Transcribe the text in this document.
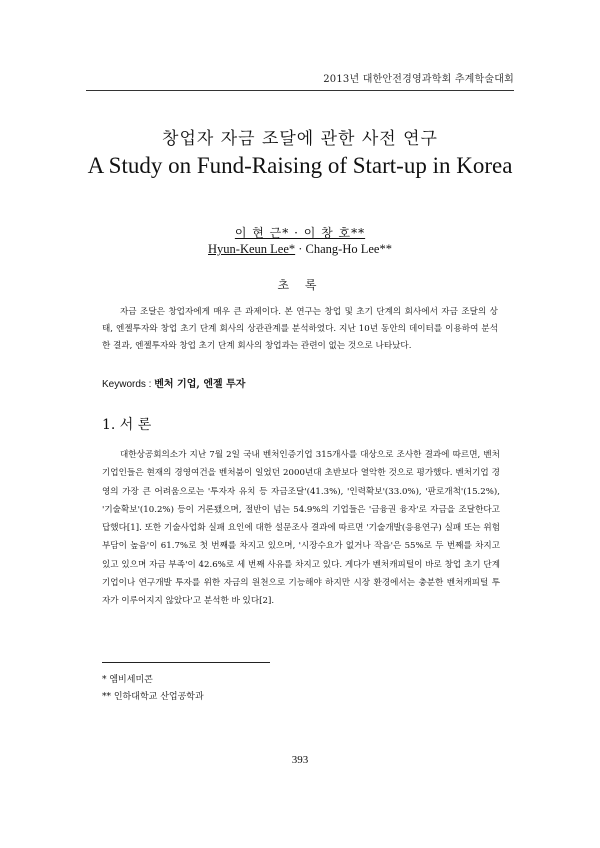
2013년 대한안전경영과학회 추계학술대회
창업자 자금 조달에 관한 사전 연구
A Study on Fund-Raising of Start-up in Korea
이 현 근* · 이 창 호**
Hyun-Keun Lee* · Chang-Ho Lee**
초 록

자금 조달은 창업자에게 매우 큰 과제이다. 본 연구는 창업 및 초기 단계의 회사에서 자금 조달의 상태, 엔젤투자와 창업 초기 단계 회사의 상관관계를 분석하였다. 지난 10년 동안의 데이터를 이용하여 분석한 결과, 엔젤투자와 창업 초기 단계 회사의 창업과는 관련이 없는 것으로 나타났다.

Keywords : 벤처 기업, 엔젤 투자
1. 서 론

대한상공회의소가 지난 7월 2일 국내 벤처인증기업 315개사를 대상으로 조사한 결과에 따르면, 벤처기업인들은 현재의 경영여건을 벤처붐이 일었던 2000년대 초반보다 열악한 것으로 평가했다. 벤처기업 경영의 가장 큰 어려움으로는 '투자자 유치 등 자금조달'(41.3%), '인력확보'(33.0%), '판로개척'(15.2%), '기술확보'(10.2%) 등이 거론됐으며, 절반이 넘는 54.9%의 기업들은 '금융권 융자'로 자금을 조달한다고 답했다[1]. 또한 기술사업화 실패 요인에 대한 설문조사 결과에 따르면 '기술개발(응용연구) 실패 또는 위험부담이 높음'이 61.7%로 첫 번째를 차지고 있으며, '시장수요가 없거나 작음'은 55%로 두 번째를 차지고 있고 있으며 자금 부족'이 42.6%로 세 번째 사유를 차지고 있다. 게다가 벤처캐피털이 바로 창업 초기 단계 기업이나 연구개발 투자를 위한 자금의 원천으로 기능해야 하지만 시장 환경에서는 충분한 벤처캐피털 투자가 이루어지지 않았다'고 분석한 바 있다[2].

* 엠비세미콘
** 인하대학교 산업공학과
393
